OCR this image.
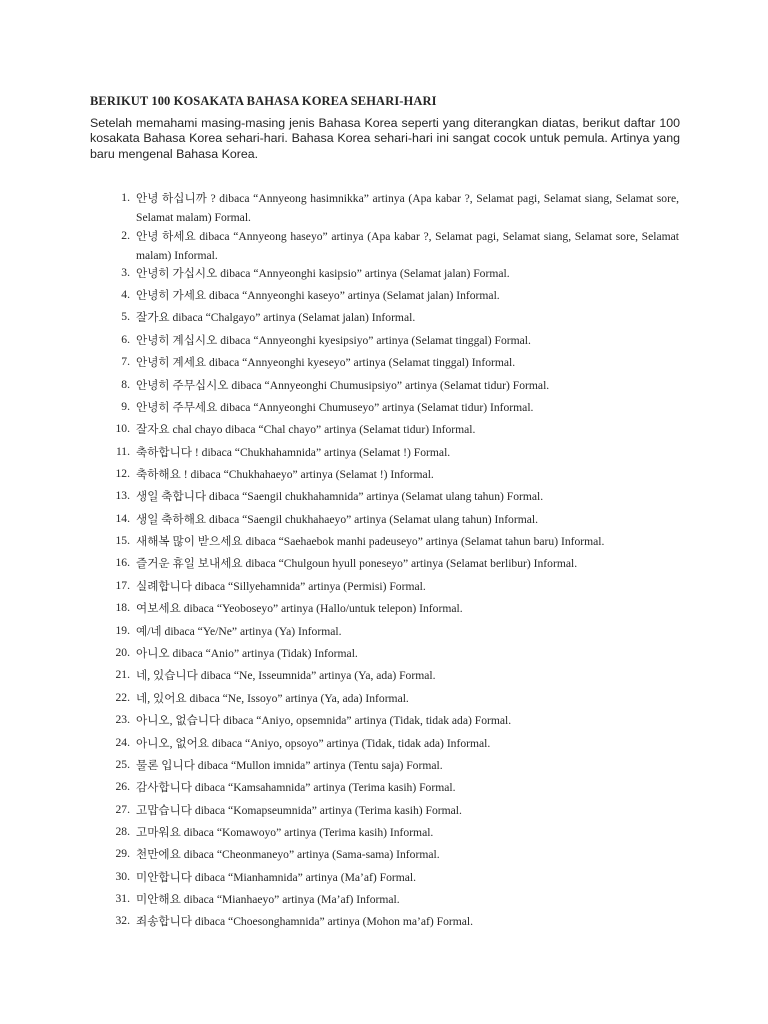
BERIKUT 100 KOSAKATA BAHASA KOREA SEHARI-HARI

Setelah memahami masing-masing jenis Bahasa Korea seperti yang diterangkan diatas, berikut daftar 100 kosakata Bahasa Korea sehari-hari. Bahasa Korea sehari-hari ini sangat cocok untuk pemula. Artinya yang baru mengenal Bahasa Korea.

1. 안녕 하십니까 ? dibaca “Annyeong hasimnikka” artinya (Apa kabar ?, Selamat pagi, Selamat siang, Selamat sore, Selamat malam) Formal.
2. 안녕 하세요 dibaca “Annyeong haseyo” artinya (Apa kabar ?, Selamat pagi, Selamat siang, Selamat sore, Selamat malam) Informal.
3. 안녕히 가십시오 dibaca “Annyeonghi kasipsio” artinya (Selamat jalan) Formal.
4. 안녕히 가세요 dibaca “Annyeonghi kaseyo” artinya (Selamat jalan) Informal.
5. 잘가요 dibaca “Chalgayo” artinya (Selamat jalan) Informal.
6. 안녕히 계십시오 dibaca “Annyeonghi kyesipsiyo” artinya (Selamat tinggal) Formal.
7. 안녕히 계세요 dibaca “Annyeonghi kyeseyo” artinya (Selamat tinggal) Informal.
8. 안녕히 주무십시오 dibaca “Annyeonghi Chumusipsiyo” artinya (Selamat tidur) Formal.
9. 안녕히 주무세요 dibaca “Annyeonghi Chumuseyo” artinya (Selamat tidur) Informal.
10. 잘자요 chal chayo dibaca “Chal chayo” artinya (Selamat tidur) Informal.
11. 축하합니다 ! dibaca “Chukhahamnida” artinya (Selamat !) Formal.
12. 축하해요 ! dibaca “Chukhahaeyo” artinya (Selamat !) Informal.
13. 생일 축합니다 dibaca “Saengil chukhahamnida” artinya (Selamat ulang tahun) Formal.
14. 생일 축하해요 dibaca “Saengil chukhahaeyo” artinya (Selamat ulang tahun) Informal.
15. 새해복 많이 받으세요 dibaca “Saehaebok manhi padeuseyo” artinya (Selamat tahun baru) Informal.
16. 즐거운 휴일 보내세요 dibaca “Chulgoun hyull poneseyo” artinya (Selamat berlibur) Informal.
17. 실례합니다 dibaca “Sillyehamnida” artinya (Permisi) Formal.
18. 여보세요 dibaca “Yeoboseyo” artinya (Hallo/untuk telepon) Informal.
19. 예/네 dibaca “Ye/Ne” artinya (Ya) Informal.
20. 아니오 dibaca “Anio” artinya (Tidak) Informal.
21. 네, 있습니다 dibaca “Ne, Isseumnida” artinya (Ya, ada) Formal.
22. 네, 있어요 dibaca “Ne, Issoyo” artinya (Ya, ada) Informal.
23. 아니오, 없습니다 dibaca “Aniyo, opsemnida” artinya (Tidak, tidak ada) Formal.
24. 아니오, 없어요 dibaca “Aniyo, opsoyo” artinya (Tidak, tidak ada) Informal.
25. 물론 입니다 dibaca “Mullon imnida” artinya (Tentu saja) Formal.
26. 감사합니다 dibaca “Kamsahamnida” artinya (Terima kasih) Formal.
27. 고맙습니다 dibaca “Komapseumnida” artinya (Terima kasih) Formal.
28. 고마워요 dibaca “Komawoyo” artinya (Terima kasih) Informal.
29. 천만에요 dibaca “Cheonmaneyo” artinya (Sama-sama) Informal.
30. 미안합니다 dibaca “Mianhamnida” artinya (Ma’af) Formal.
31. 미안해요 dibaca “Mianhaeyo” artinya (Ma’af) Informal.
32. 죄송합니다 dibaca “Choesonghamnida” artinya (Mohon ma’af) Formal.
